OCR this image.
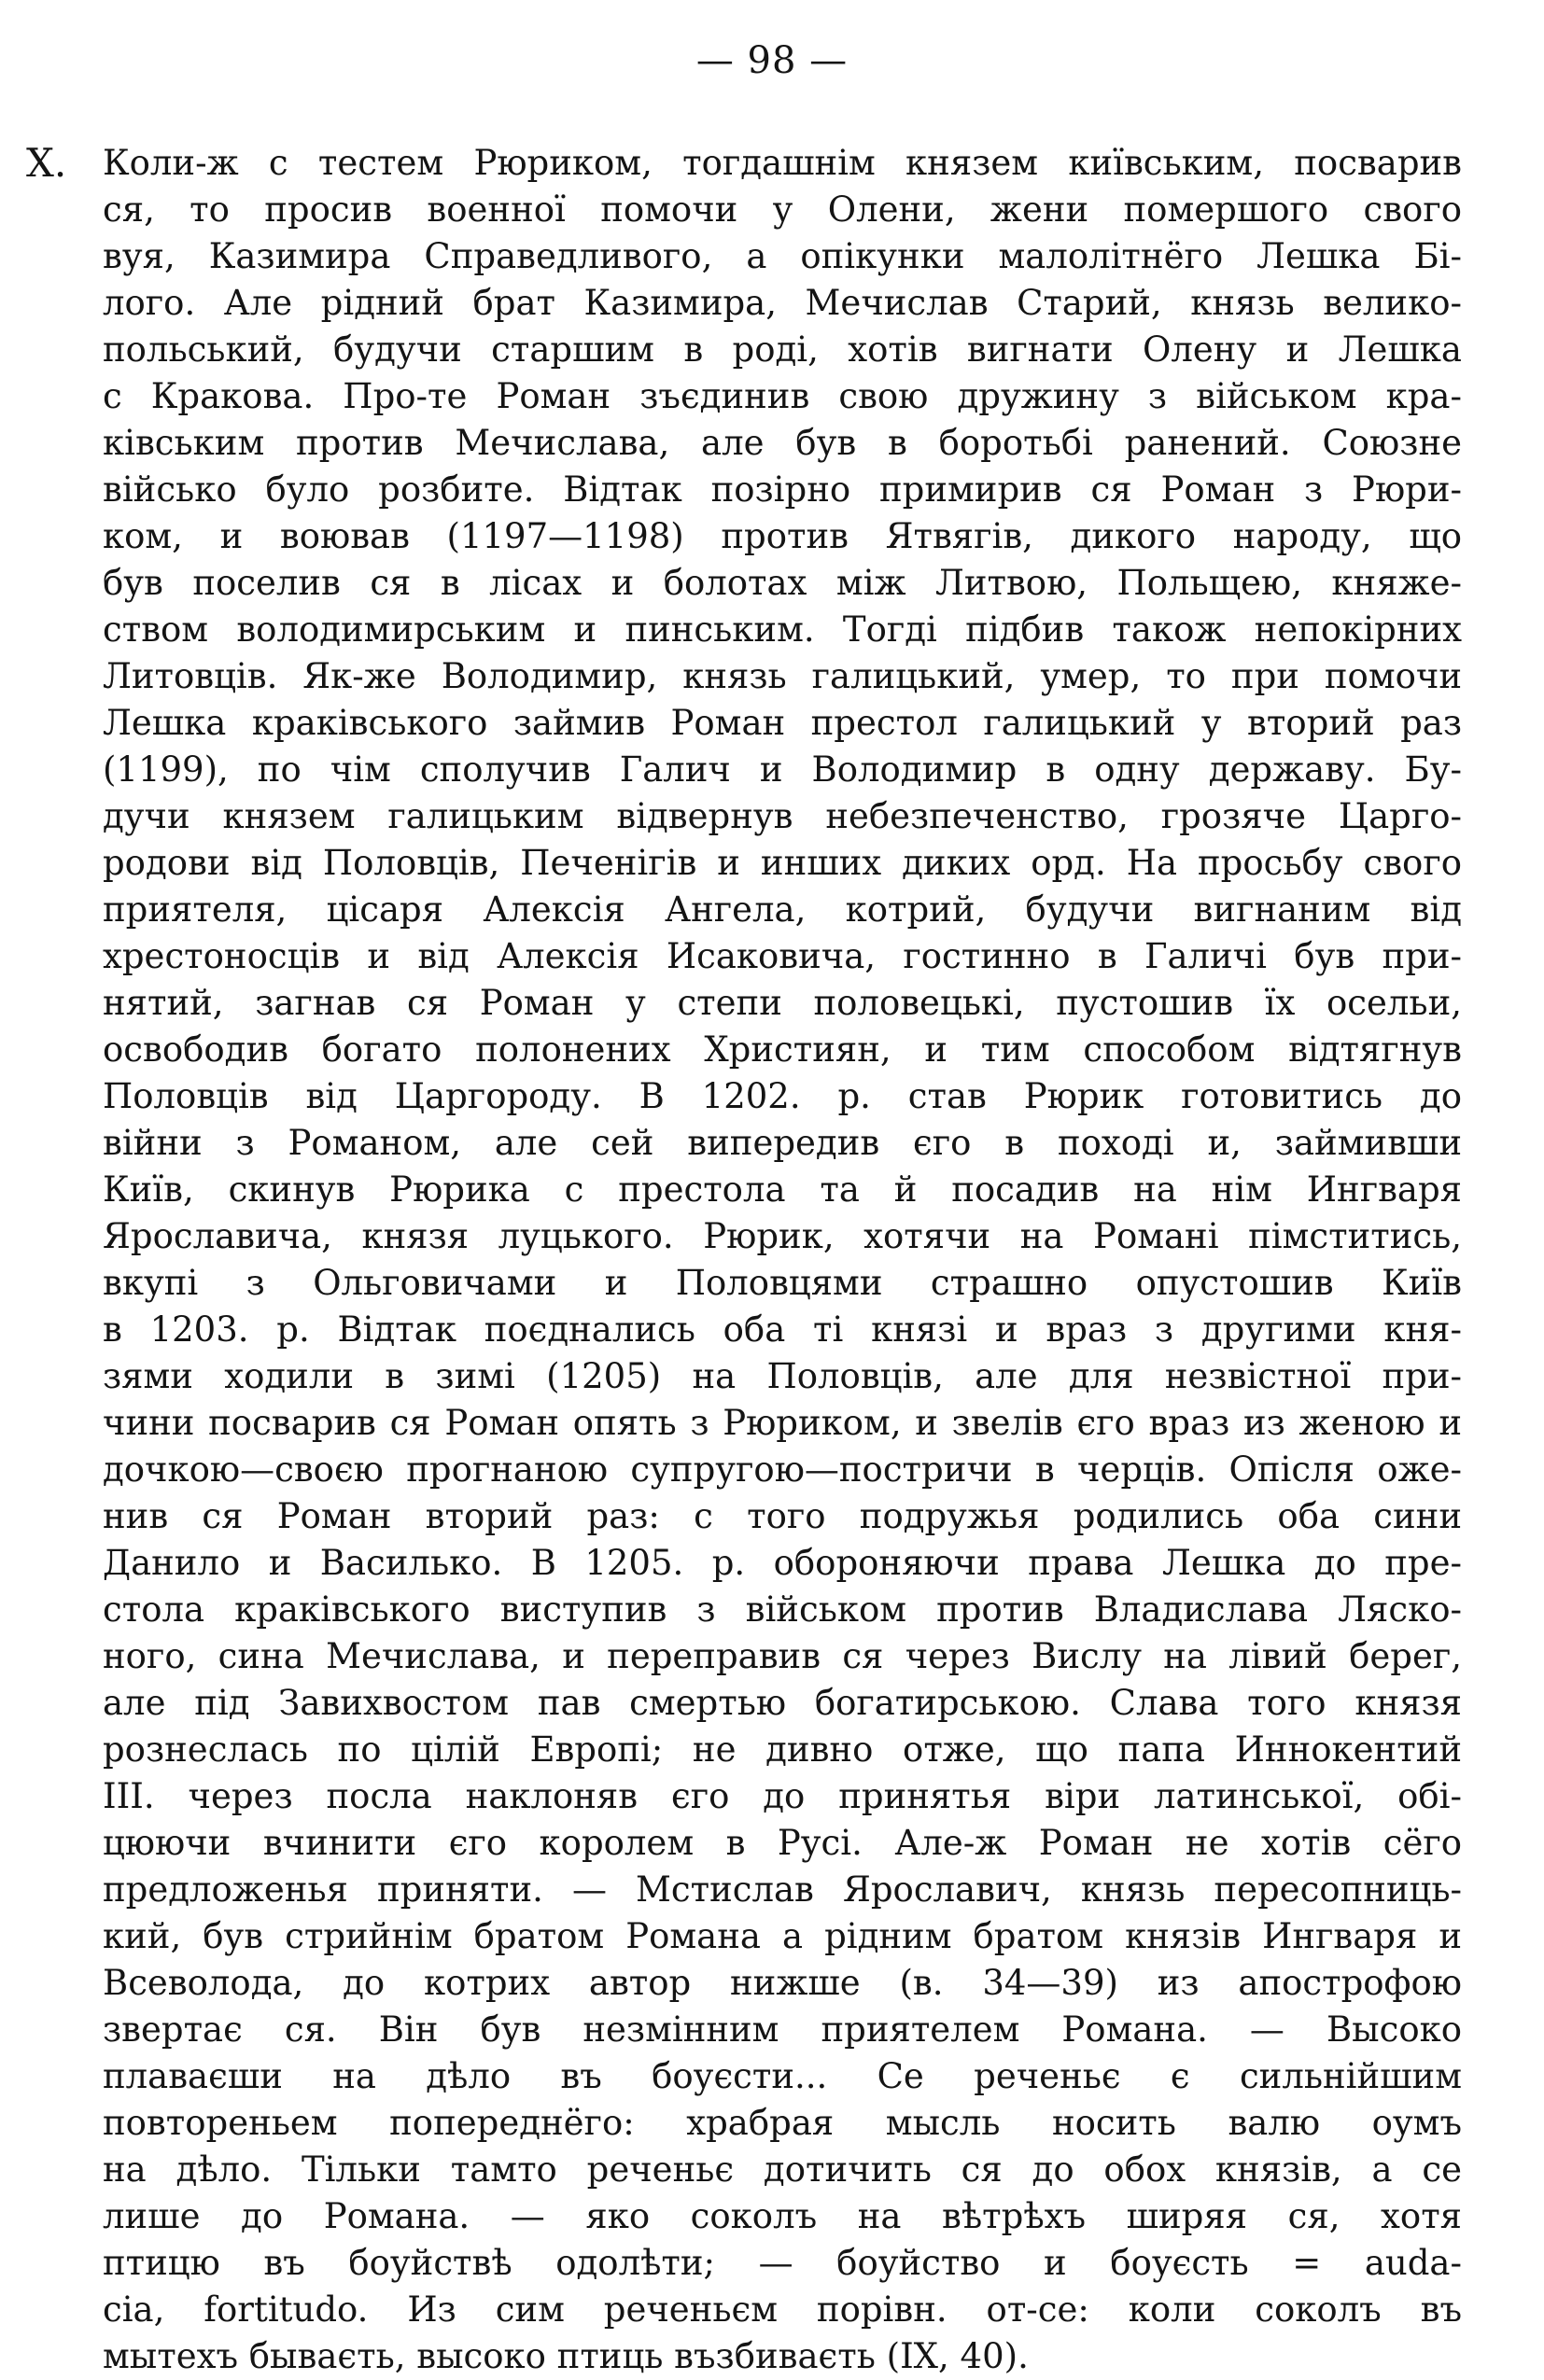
— 98 —
X. Коли-ж с тестем Рюриком, тогдашнім князем київським, посварив
ся, то просив военної помочи у Олени, жени помершого свого
вуя, Казимира Справедливого, а опікунки малолітнёго Лешка Бі-
лого. Але рідний брат Казимира, Мечислав Старий, князь велико-
польський, будучи старшим в роді, хотів вигнати Олену и Лешка
с Кракова. Про-те Роман зъєдинив свою дружину з військом кра-
ківським против Мечислава, але був в боротьбі ранений. Союзне
військо було розбите. Відтак позірно примирив ся Роман з Рюри-
ком, и воював (1197—1198) против Ятвягів, дикого народу, що
був поселив ся в лісах и болотах між Литвою, Польщею, княже-
ством володимирським и пинським. Тогді підбив також непокірних
Литовців. Як-же Володимир, князь галицький, умер, то при помочи
Лешка краківського займив Роман престол галицький у вторий раз
(1199), по чім сполучив Галич и Володимир в одну державу. Бу-
дучи князем галицьким відвернув небезпеченство, грозяче Царго-
родови від Половців, Печенігів и инших диких орд. На просьбу свого
приятеля, цісаря Алексія Ангела, котрий, будучи вигнаним від
хрестоносців и від Алексія Исаковича, гостинно в Галичі був при-
нятий, загнав ся Роман у степи половецькі, пустошив їх осельи,
освободив богато полонених Християн, и тим способом відтягнув
Половців від Царгороду. В 1202. р. став Рюрик готовитись до
війни з Романом, але сей випередив єго в поході и, займивши
Київ, скинув Рюрика с престола та й посадив на нім Ингваря
Ярославича, князя луцького. Рюрик, хотячи на Романі пімститись,
вкупі з Ольговичами и Половцями страшно опустошив Київ
в 1203. р. Відтак поєднались оба ті князі и враз з другими кня-
зями ходили в зимі (1205) на Половців, але для незвістної при-
чини посварив ся Роман опять з Рюриком, и звелів єго враз из женою и
дочкою—своєю прогнаною супругою—постричи в черців. Опісля оже-
нив ся Роман вторий раз: с того подружья родились оба сини
Данило и Василько. В 1205. р. обороняючи права Лешка до пре-
стола краківського виступив з військом против Владислава Ляско-
ного, сина Мечислава, и переправив ся через Вислу на лівий берег,
але під Завихвостом пав смертью богатирською. Слава того князя
рознеслась по цілій Европі; не дивно отже, що папа Иннокентий
III. через посла наклоняв єго до принятья віри латинської, обі-
цюючи вчинити єго королем в Русі. Але-ж Роман не хотів сёго
предложенья приняти. — Мстислав Ярославич, князь пересопниць-
кий, був стрийнім братом Романа а рідним братом князів Ингваря и
Всеволода, до котрих автор нижше (в. 34—39) из апострофою
звертає ся. Він був незмінним приятелем Романа. — Высоко
плаваєши на дѣло въ боуєсти... Се реченьє є сильнійшим
повтореньем попереднёго: храбрая мысль носить валю оумъ
на дѣло. Тільки тамто реченьє дотичить ся до обох князів, а се
лише до Романа. — яко соколъ на вѣтрѣхъ ширяя ся, хотя
птицю въ боуйствѣ одолѣти; — боуйство и боуєсть = auda-
cia, fortitudo. Из сим реченьєм порівн. от-се: коли соколъ въ
мытехъ бываєть, высоко птиць възбиваєть (IX, 40).
